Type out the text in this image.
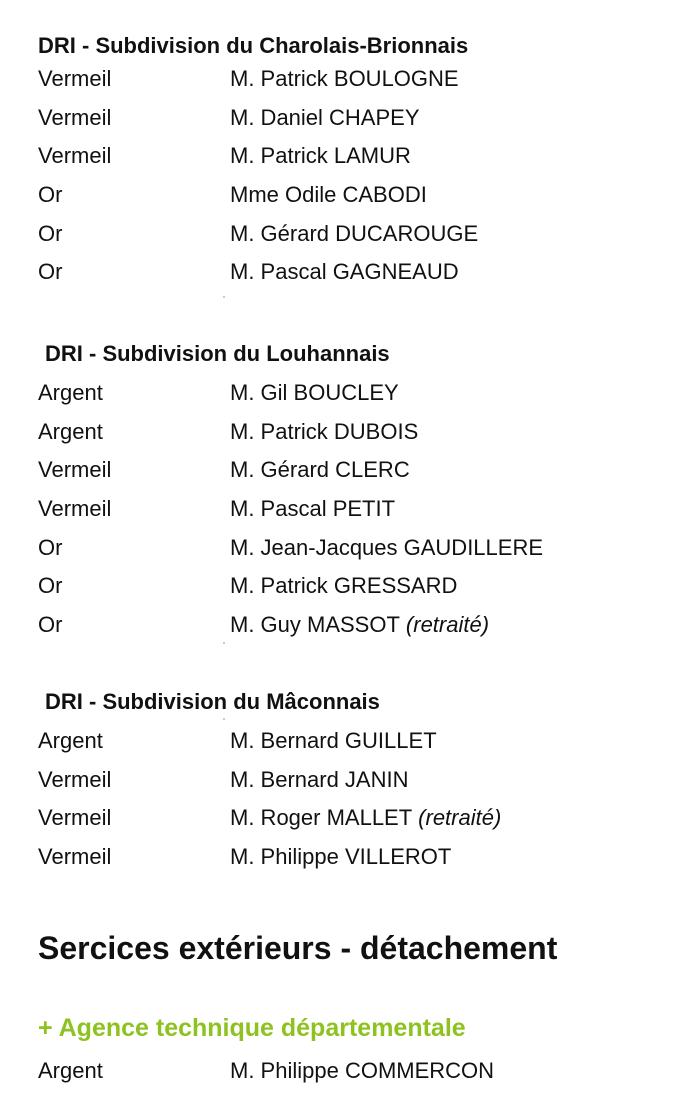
DRI - Subdivision du Charolais-Brionnais
Vermeil	M. Patrick BOULOGNE
Vermeil	M. Daniel CHAPEY
Vermeil	M. Patrick LAMUR
Or	Mme Odile CABODI
Or	M. Gérard DUCAROUGE
Or	M. Pascal GAGNEAUD
DRI - Subdivision du Louhannais
Argent	M. Gil BOUCLEY
Argent	M. Patrick DUBOIS
Vermeil	M. Gérard CLERC
Vermeil	M. Pascal PETIT
Or	M. Jean-Jacques GAUDILLERE
Or	M. Patrick GRESSARD
Or	M. Guy MASSOT (retraité)
DRI - Subdivision du Mâconnais
Argent	M. Bernard GUILLET
Vermeil	M. Bernard JANIN
Vermeil	M. Roger MALLET (retraité)
Vermeil	M. Philippe VILLEROT
Sercices extérieurs - détachement
+ Agence technique départementale
Argent	M. Philippe COMMERCON
